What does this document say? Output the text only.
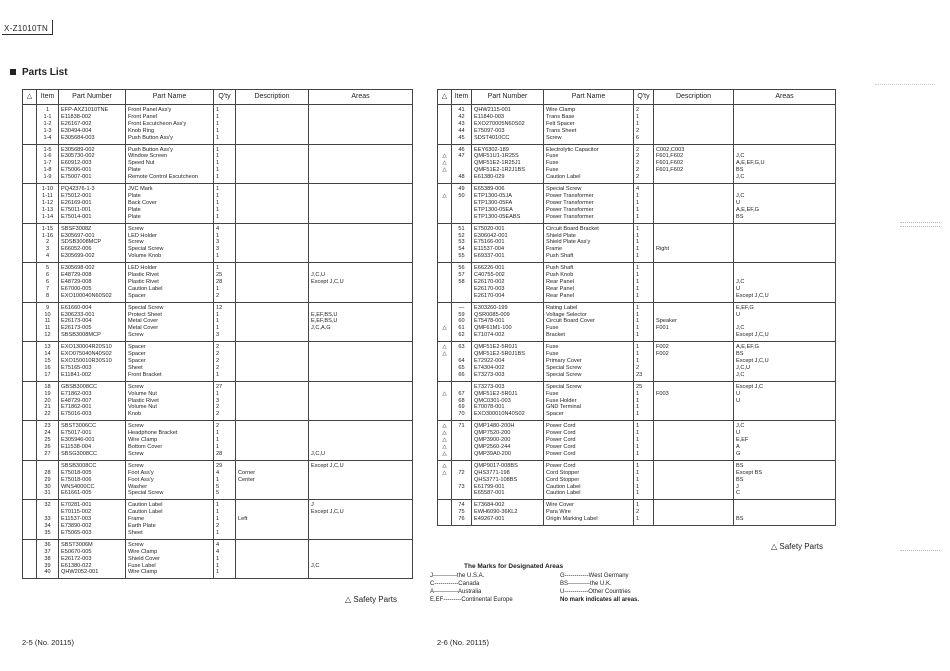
X-Z1010TN
Parts List
△	Item	Part Number	Part Name	Q'ty	Description	Areas
	1	EFP-AXZ1010TNE	Front Panel Ass'y	1		
	1-1	E11838-002	Front Panel	1		
	1-2	E26167-002	Front Escutcheon Ass'y	1		
	1-3	E30494-004	Knob Ring	1		
	1-4	E305684-003	Push Button Ass'y	1		
	1-5	E305689-002	Push Button Ass'y	1		
	1-6	E305730-002	Window Screen	1		
	1-7	E60912-003	Speed Nut	1		
	1-8	E75006-001	Plate	1		
	1-9	E75007-001	Remote Control Escutcheon	1		
	1-10	PQ42376-1-3	JVC Mark	1		
	1-11	E75012-001	Plate	1		
	1-12	E26169-001	Back Cover	1		
	1-13	E75011-001	Plate	1		
	1-14	E75014-001	Plate	1		
	1-15	SBSF3008Z	Screw	4		
	1-16	E305697-001	LED Holder	1		
	2	SDSB3008MCP	Screw	3		
	3	E66052-006	Special Screw	3		
	4	E305699-002	Volume Knob	1		
	5	E305698-002	LED Holder	1		
	6	E48729-008	Plastic Rivet	25		J,C,U
	6	E48729-008	Plastic Rivet	28		Except J,C,U
	7	E67000-005	Caution Label	1		
	8	EXO100040N60S02	Spacer	2		
	9	E61660-004	Special Screw	12		
	10	E306233-001	Protect Sheet	1		E,EF,BS,U
	11	E26173-004	Metal Cover	1		E,EF,BS,U
	11	E26173-005	Metal Cover	1		J,C,A,G
	12	SBSB3008MCP	Screw	3		
	13	EXO130004R20S10	Spacer	2		
	14	EXO075040N40S02	Spacer	2		
	15	EXO150010R30S10	Spacer	2		
	16	E75165-003	Sheet	2		
	17	E11841-002	Front Bracket	1		
	18	GBSB3008CC	Screw	27		
	19	E71862-003	Volume Nut	1		
	20	E48729-007	Plastic Rivet	3		
	21	E71862-001	Volume Nut	2		
	22	E75016-003	Knob	2		
	23	SBST3006CC	Screw	2		
	24	E75017-001	Headphone Bracket	1		
	25	E305946-001	Wire Clamp	1		
	26	E11538-004	Bottom Cover	1		
	27	SBSG3008CC	Screw	28		J,C,U
		SBSB3008CC	Screw	29		Except J,C,U
	28	E75018-005	Foot Ass'y	4	Corner	
	29	E75018-006	Foot Ass'y	1	Center	
	30	WNS4000CC	Washer	5		
	31	E61661-005	Special Screw	5		
	32	E70281-001	Caution Label	1		J
		E70115-002	Caution Label	1		Except J,C,U
	33	E11537-003	Frame	1	Left	
	34	E73890-002	Earth Plate	2		
	35	E75065-003	Sheet	1		
	36	SBST3006M	Screw	4		
	37	E50670-005	Wire Clamp	4		
	38	E26172-003	Shield Cover	1		
	39	E61380-022	Fuse Label	1		J,C
	40	QHW2052-001	Wire Clamp	1		
△	Item	Part Number	Part Name	Q'ty	Description	Areas
	41	QHW2115-001	Wire Clamp	2		
	42	E11840-003	Trans Base	1		
	43	EXO270005N60S02	Felt Spacer	1		
	44	E75097-003	Trans Sheet	2		
	45	SDST4010CC	Screw	6		
	46	EEY6302-189	Electrolytic Capacitor	2	C002,C003	
△	47	QMF51U1-1R25S	Fuse	2	F601,F602	J,C
△		QMF51E2-1R25J1	Fuse	2	F601,F602	A,E,EF,G,U
△		QMF51E2-1R2J1BS	Fuse	2	F601,F602	BS
	48	E61380-029	Caution Label	2		J,C
	49	E65389-006	Special Screw	4		
△	50	ETP1300-05JA	Power Transformer	1		J,C
		ETP1300-05FA	Power Transformer	1		U
		ETP1300-05EA	Power Transformer	1		A,E,EF,G
		ETP1300-05EABS	Power Transformer	1		BS
	51	E75020-001	Circuit Board Bracket	1		
	52	E306042-001	Shield Plate	1		
	53	E75166-001	Shield Plate Ass'y	1		
	54	E11537-004	Frame	1	Right	
	55	E69337-001	Push Shaft	1		
	56	E66226-001	Push Shaft	1		
	57	C40755-002	Push Knob	1		
	58	E26170-002	Rear Panel	1		J,C
		E26170-003	Rear Panel	1		U
		E26170-004	Rear Panel	1		Except J,C,U
	—	E303260-199	Rating Label	1		E,EF,G
	59	QSR0085-009	Voltage Selector	1		U
	60	E75478-001	Circuit Board Cover	1	Speaker	
△	61	QMF61M1-100	Fuse	1	F001	J,C
	62	E71074-002	Bracket	1		Except J,C,U
△	63	QMF51E2-5R0J1	Fuse	1	F002	A,E,EF,G
△		QMF51E2-5R0J1BS	Fuse	1	F002	BS
	64	E72922-004	Primary Cover	1		Except J,C,U
	65	E74304-002	Special Screw	2		J,C,U
	66	E73273-003	Special Screw	23		J,C
		E73273-003	Special Screw	25		Except J,C
△	67	QMF51E2-5R0J1	Fuse	1	F003	U
	68	QMC0301-003	Fuse Holder	1		U
	69	E70078-001	GND Terminal	1		
	70	EXO300010N40S02	Spacer	1		
△	71	QMP1480-200H	Power Cord	1		J,C
△		QMP7520-200	Power Cord	1		U
△		QMP3900-200	Power Cord	1		E,EF
△		QMP2560-244	Power Cord	1		A
△		QMP39A0-200	Power Cord	1		G
△		QMP9017-008BS	Power Cord	1		BS
△	72	QHS3771-198	Cord Stopper	1		Except BS
		QHS3771-108BS	Cord Stopper	1		BS
	73	E61799-001	Caution Label	1		J
		E65587-001	Caution Label	1		C
	74	E73684-002	Wire Cover	1		
	75	EWH6090-36KL2	Para Wire	2		
	76	E49267-001	Origin Marking Label	1		BS
△ Safety Parts
△ Safety Parts
The Marks for Designated Areas
J------------the U.S.A.	G------------West Germany
C------------Canada	BS-----------the U.K.
A------------Australia	U------------Other Countries
E,EF---------Continental Europe	No mark indicates all areas.
2-5 (No. 20115)	2-6 (No. 20115)
